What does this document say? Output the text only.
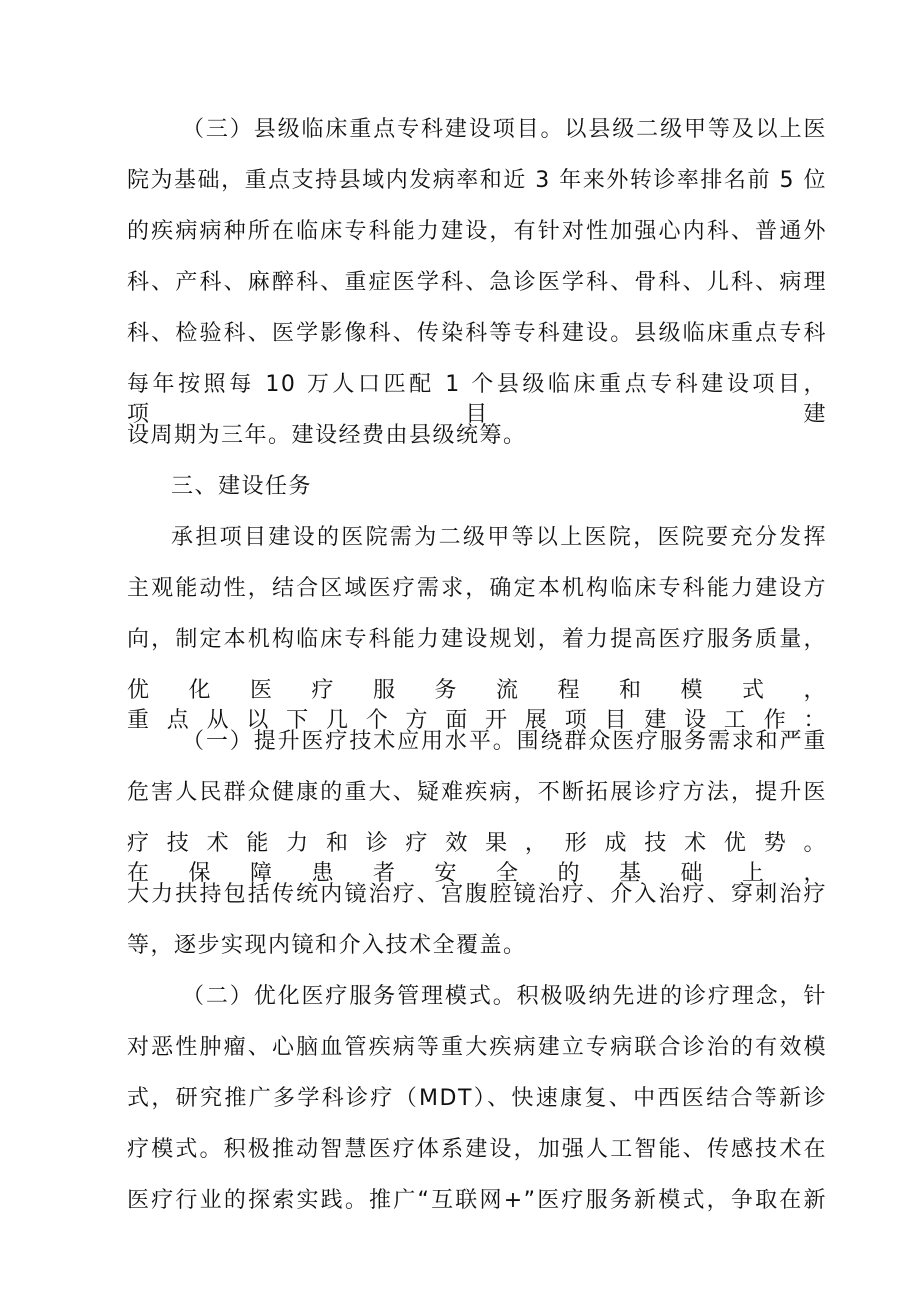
（三）县级临床重点专科建设项目。以县级二级甲等及以上医
院为基础，重点支持县域内发病率和近 3 年来外转诊率排名前 5 位
的疾病病种所在临床专科能力建设，有针对性加强心内科、普通外
科、产科、麻醉科、重症医学科、急诊医学科、骨科、儿科、病理
科、检验科、医学影像科、传染科等专科建设。县级临床重点专科
每年按照每 10 万人口匹配 1 个县级临床重点专科建设项目，项目建
设周期为三年。建设经费由县级统筹。
三、建设任务
承担项目建设的医院需为二级甲等以上医院，医院要充分发挥
主观能动性，结合区域医疗需求，确定本机构临床专科能力建设方
向，制定本机构临床专科能力建设规划，着力提高医疗服务质量，
优化医疗服务流程和模式，重点从以下几个方面开展项目建设工作：
（一）提升医疗技术应用水平。围绕群众医疗服务需求和严重
危害人民群众健康的重大、疑难疾病，不断拓展诊疗方法，提升医
疗技术能力和诊疗效果，形成技术优势。在保障患者安全的基础上，
大力扶持包括传统内镜治疗、宫腹腔镜治疗、介入治疗、穿刺治疗
等，逐步实现内镜和介入技术全覆盖。
（二）优化医疗服务管理模式。积极吸纳先进的诊疗理念，针
对恶性肿瘤、心脑血管疾病等重大疾病建立专病联合诊治的有效模
式，研究推广多学科诊疗（MDT）、快速康复、中西医结合等新诊
疗模式。积极推动智慧医疗体系建设，加强人工智能、传感技术在
医疗行业的探索实践。推广“互联网+”医疗服务新模式，争取在新
